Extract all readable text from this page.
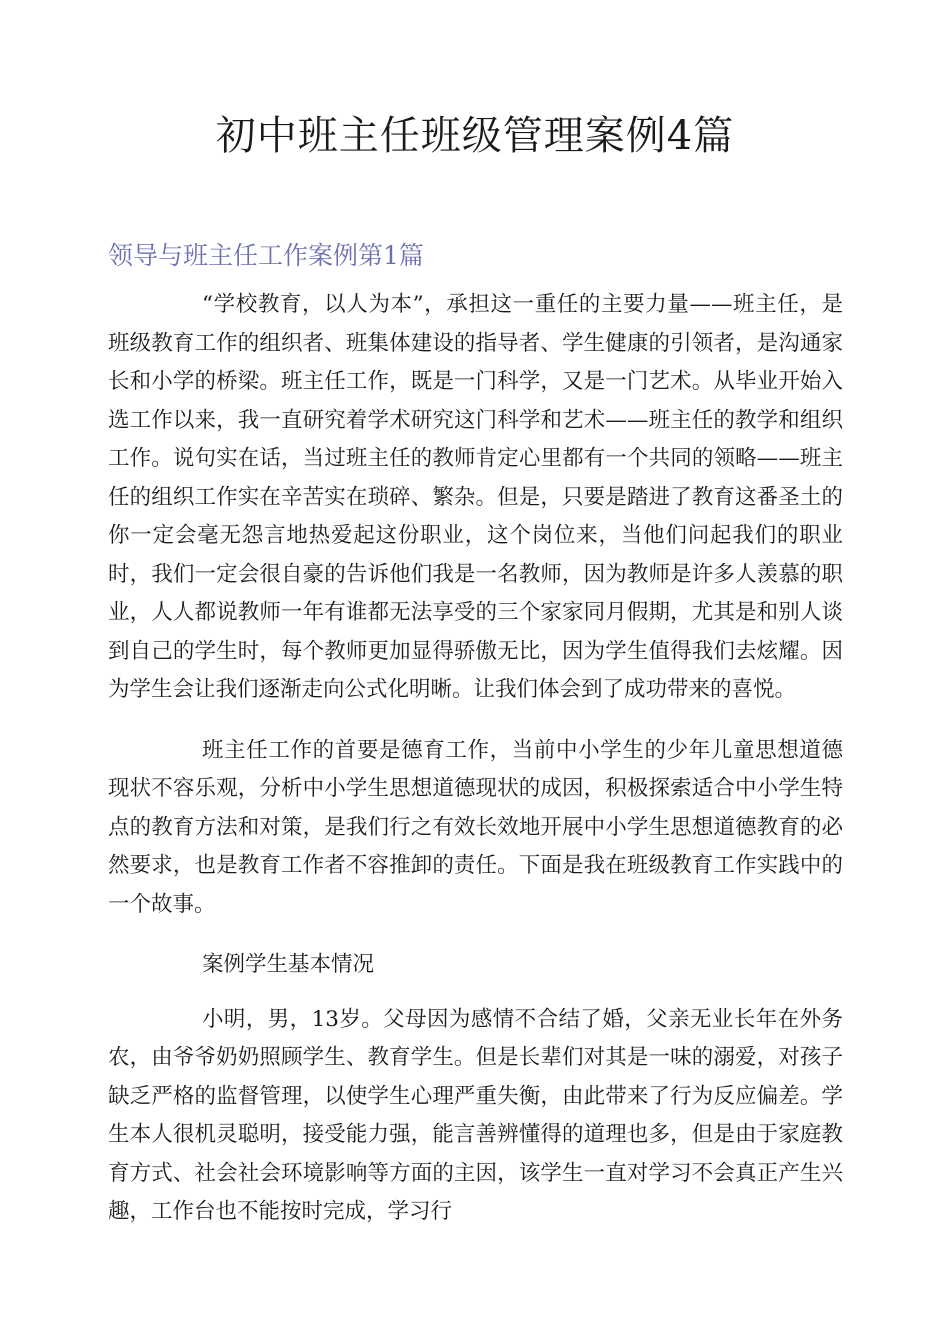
初中班主任班级管理案例4篇
领导与班主任工作案例第1篇

“学校教育，以人为本”，承担这一重任的主要力量——班主任，是班级教育工作的组织者、班集体建设的指导者、学生健康的引领者，是沟通家长和小学的桥梁。班主任工作，既是一门科学，又是一门艺术。从毕业开始入选工作以来，我一直研究着学术研究这门科学和艺术——班主任的教学和组织工作。说句实在话，当过班主任的教师肯定心里都有一个共同的领略——班主任的组织工作实在辛苦实在琐碎、繁杂。但是，只要是踏进了教育这番圣土的你一定会毫无怨言地热爱起这份职业，这个岗位来，当他们问起我们的职业时，我们一定会很自豪的告诉他们我是一名教师，因为教师是许多人羡慕的职业，人人都说教师一年有谁都无法享受的三个家家同月假期，尤其是和别人谈到自己的学生时，每个教师更加显得骄傲无比，因为学生值得我们去炫耀。因为学生会让我们逐渐走向公式化明晰。让我们体会到了成功带来的喜悦。

班主任工作的首要是德育工作，当前中小学生的少年儿童思想道德现状不容乐观，分析中小学生思想道德现状的成因，积极探索适合中小学生特点的教育方法和对策，是我们行之有效长效地开展中小学生思想道德教育的必然要求，也是教育工作者不容推卸的责任。下面是我在班级教育工作实践中的一个故事。

案例学生基本情况

小明，男，13岁。父母因为感情不合结了婚，父亲无业长年在外务农，由爷爷奶奶照顾学生、教育学生。但是长辈们对其是一味的溺爱，对孩子缺乏严格的监督管理，以使学生心理严重失衡，由此带来了行为反应偏差。学生本人很机灵聪明，接受能力强，能言善辨懂得的道理也多，但是由于家庭教育方式、社会社会环境影响等方面的主因，该学生一直对学习不会真正产生兴趣，工作台也不能按时完成，学习行
